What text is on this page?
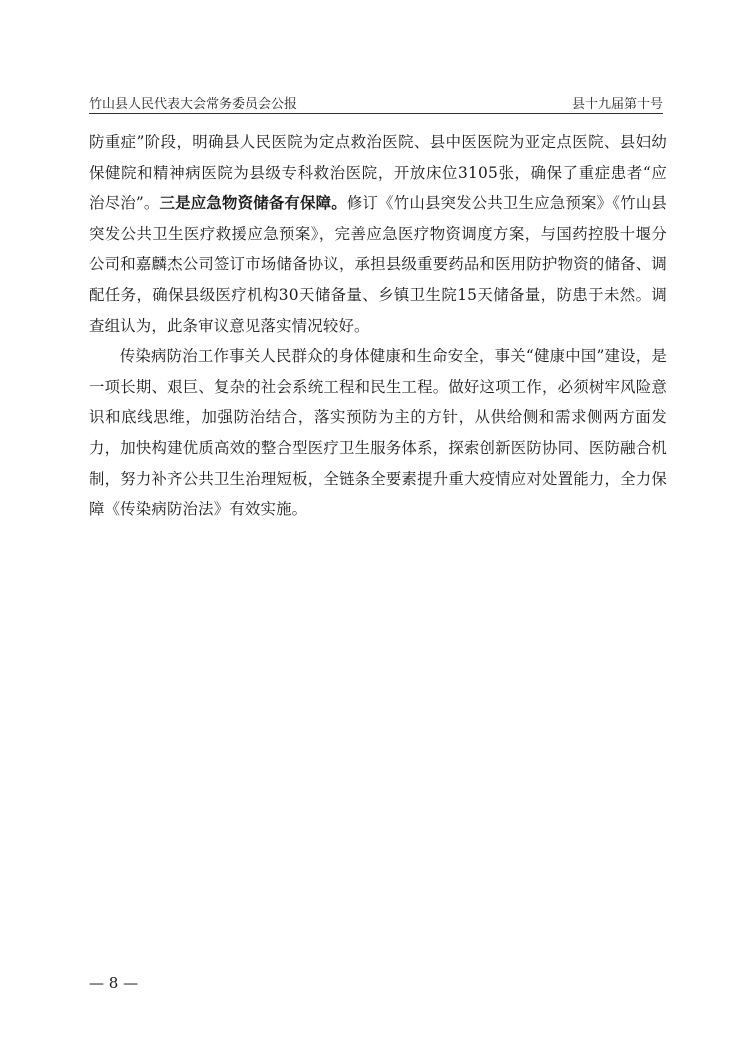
竹山县人民代表大会常务委员会公报	县十九届第十号

防重症”阶段，明确县人民医院为定点救治医院、县中医医院为亚定点医院、县妇幼保健院和精神病医院为县级专科救治医院，开放床位3105张，确保了重症患者“应治尽治”。三是应急物资储备有保障。修订《竹山县突发公共卫生应急预案》《竹山县突发公共卫生医疗救援应急预案》，完善应急医疗物资调度方案，与国药控股十堰分公司和嘉麟杰公司签订市场储备协议，承担县级重要药品和医用防护物资的储备、调配任务，确保县级医疗机构30天储备量、乡镇卫生院15天储备量，防患于未然。调查组认为，此条审议意见落实情况较好。

传染病防治工作事关人民群众的身体健康和生命安全，事关“健康中国”建设，是一项长期、艰巨、复杂的社会系统工程和民生工程。做好这项工作，必须树牢风险意识和底线思维，加强防治结合，落实预防为主的方针，从供给侧和需求侧两方面发力，加快构建优质高效的整合型医疗卫生服务体系，探索创新医防协同、医防融合机制，努力补齐公共卫生治理短板，全链条全要素提升重大疫情应对处置能力，全力保障《传染病防治法》有效实施。

— 8 —
